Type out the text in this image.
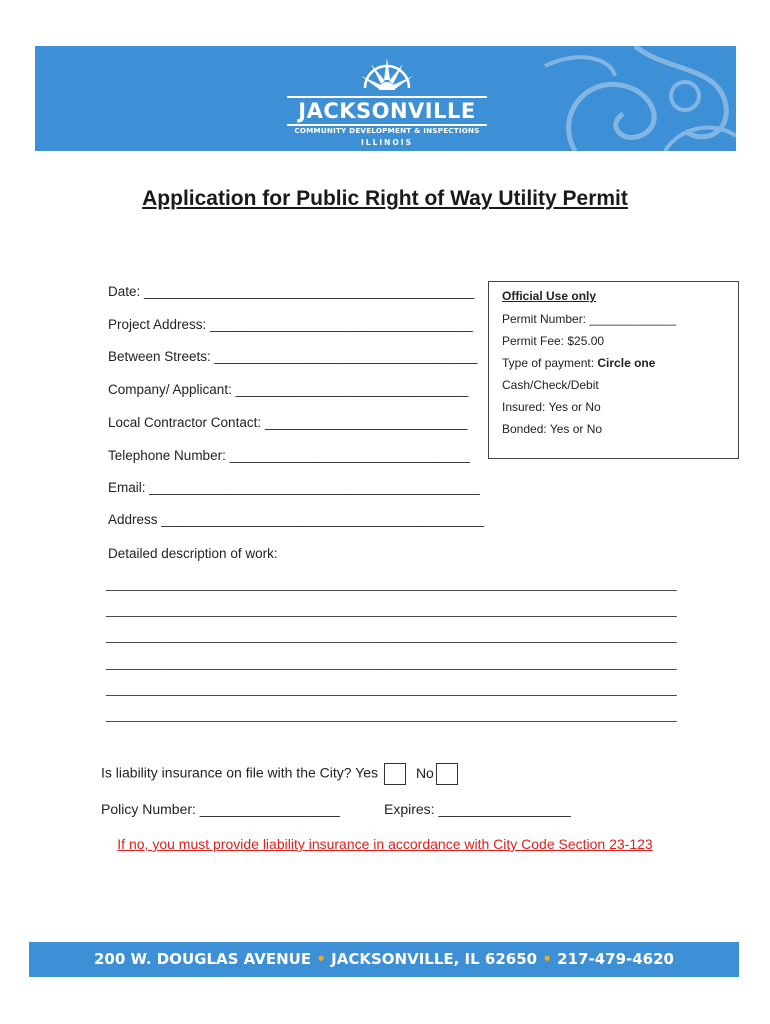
JACKSONVILLE
COMMUNITY DEVELOPMENT & INSPECTIONS
ILLINOIS
Application for Public Right of Way Utility Permit
Date: ____________________________________________
Project Address: ___________________________________
Between Streets: ___________________________________
Company/ Applicant: _______________________________
Local Contractor Contact: ___________________________
Telephone Number: ________________________________
Email: ____________________________________________
Address ___________________________________________
Detailed description of work:
____________________________________________________________________________
____________________________________________________________________________
____________________________________________________________________________
____________________________________________________________________________
____________________________________________________________________________
____________________________________________________________________________
Official Use only
Permit Number: _____________
Permit Fee: $25.00
Type of payment: Circle one
Cash/Check/Debit
Insured: Yes or No
Bonded: Yes or No
Is liability insurance on file with the City? Yes	No
Policy Number: __________________	Expires: _________________
If no, you must provide liability insurance in accordance with City Code Section 23-123
200 W. DOUGLAS AVENUE • JACKSONVILLE, IL 62650 • 217-479-4620
